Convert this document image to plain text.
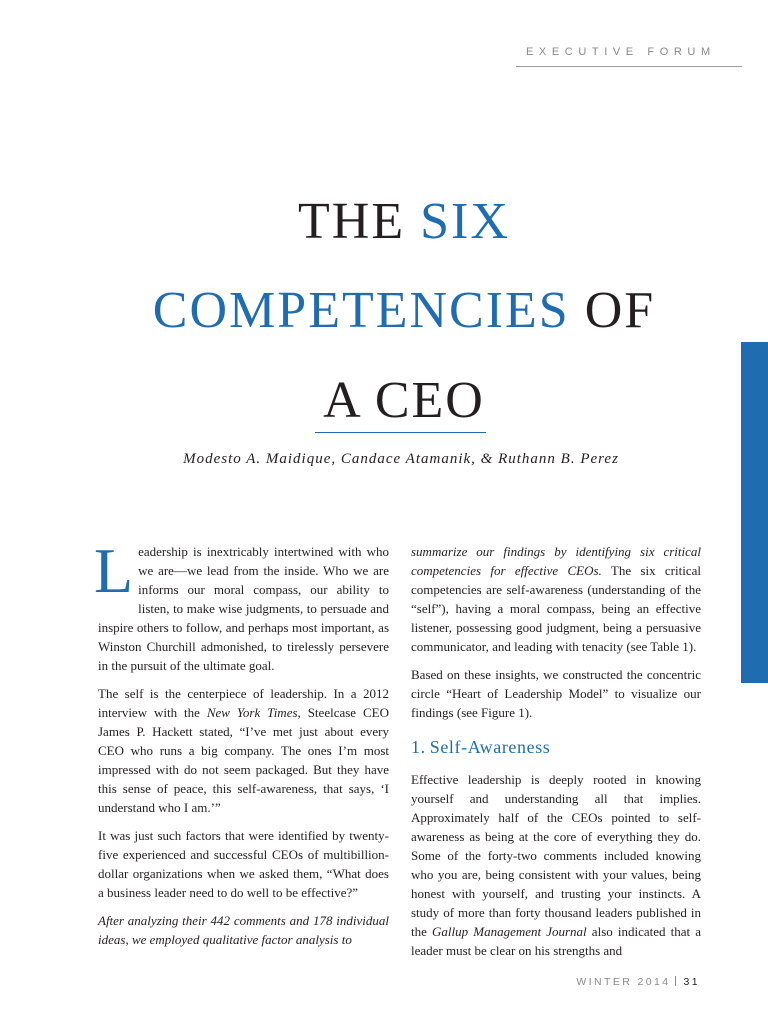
EXECUTIVE FORUM
THE SIX
COMPETENCIES OF
A CEO
Modesto A. Maidique, Candace Atamanik, & Ruthann B. Perez

Leadership is inextricably intertwined with who we are—we lead from the inside. Who we are informs our moral compass, our ability to listen, to make wise judgments, to persuade and inspire others to follow, and perhaps most important, as Winston Churchill admonished, to tirelessly persevere in the pursuit of the ultimate goal.

The self is the centerpiece of leadership. In a 2012 interview with the New York Times, Steelcase CEO James P. Hackett stated, “I’ve met just about every CEO who runs a big company. The ones I’m most impressed with do not seem packaged. But they have this sense of peace, this self-awareness, that says, ‘I understand who I am.’”

It was just such factors that were identified by twenty-five experienced and successful CEOs of multibillion-dollar organizations when we asked them, “What does a business leader need to do well to be effective?”

After analyzing their 442 comments and 178 individual ideas, we employed qualitative factor analysis to

summarize our findings by identifying six critical competencies for effective CEOs. The six critical competencies are self-awareness (understanding of the “self”), having a moral compass, being an effective listener, possessing good judgment, being a persuasive communicator, and leading with tenacity (see Table 1).

Based on these insights, we constructed the concentric circle “Heart of Leadership Model” to visualize our findings (see Figure 1).

1. Self-Awareness

Effective leadership is deeply rooted in knowing yourself and understanding all that implies. Approximately half of the CEOs pointed to self-awareness as being at the core of everything they do. Some of the forty-two comments included knowing who you are, being consistent with your values, being honest with yourself, and trusting your instincts. A study of more than forty thousand leaders published in the Gallup Management Journal also indicated that a leader must be clear on his strengths and

WINTER 2014 31
